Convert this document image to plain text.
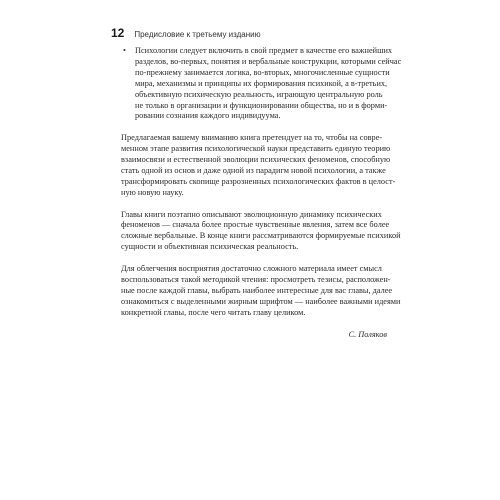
12 Предисловие к третьему изданию
• Психологии следует включить в свой предмет в качестве его важнейших
разделов, во-первых, понятия и вербальные конструкции, которыми сейчас
по-прежнему занимается логика, во-вторых, многочисленные сущности
мира, механизмы и принципы их формирования психикой, а в-третьих,
объективную психическую реальность, играющую центральную роль
не только в организации и функционировании общества, но и в форми-
ровании сознания каждого индивидуума.
Предлагаемая вашему вниманию книга претендует на то, чтобы на совре-
менном этапе развития психологической науки представить единую теорию
взаимосвязи и естественной эволюции психических феноменов, способную
стать одной из основ и даже одной из парадигм новой психологии, а также
трансформировать скопище разрозненных психологических фактов в целост-
ную новую науку.
Главы книги поэтапно описывают эволюционную динамику психических
феноменов — сначала более простые чувственные явления, затем все более
сложные вербальные. В конце книги рассматриваются формируемые психикой
сущности и объективная психическая реальность.
Для облегчения восприятия достаточно сложного материала имеет смысл
воспользоваться такой методикой чтения: просмотреть тезисы, расположен-
ные после каждой главы, выбрать наиболее интересные для вас главы, далее
ознакомиться с выделенными жирным шрифтом — наиболее важными идеями
конкретной главы, после чего читать главу целиком.
С. Поляков
